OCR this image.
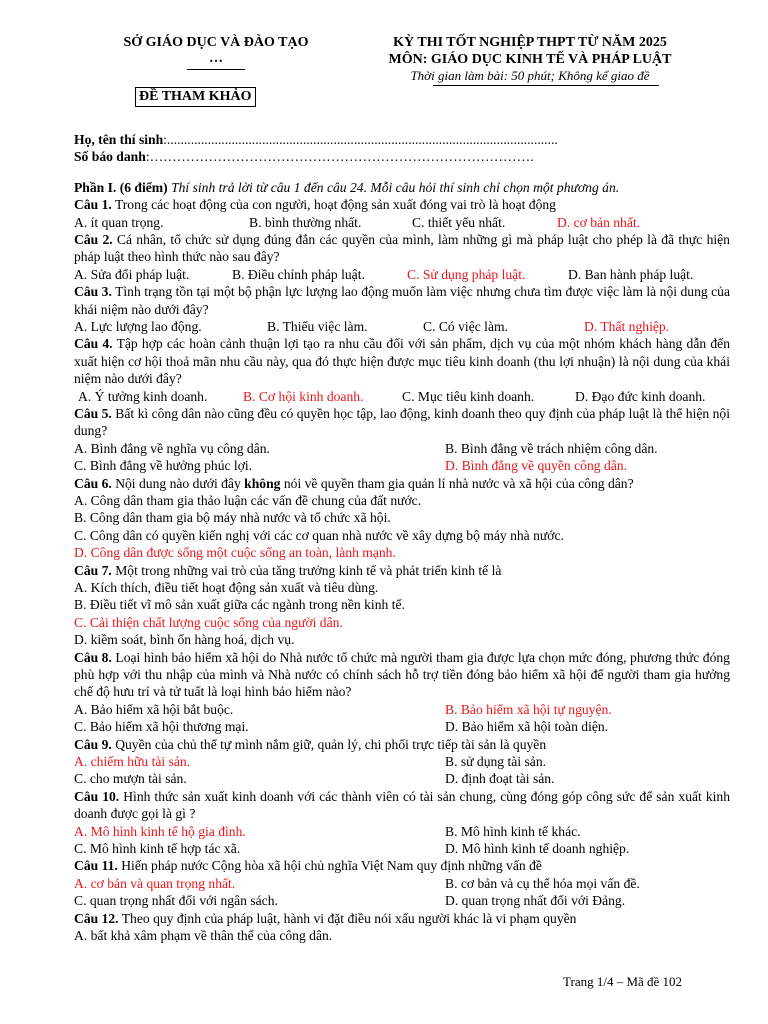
SỞ GIÁO DỤC VÀ ĐÀO TẠO
…
ĐỀ THAM KHẢO
KỲ THI TỐT NGHIỆP THPT TỪ NĂM 2025
MÔN: GIÁO DỤC KINH TẾ VÀ PHÁP LUẬT
Thời gian làm bài: 50 phút; Không kể giao đề

Họ, tên thí sinh:...................................................................................................................

Số báo danh:………………………………………………………………………….

Phần I. (6 điểm) Thí sinh trả lời từ câu 1 đến câu 24. Mỗi câu hỏi thí sinh chỉ chọn một phương án.

Câu 1. Trong các hoạt động của con người, hoạt động sản xuất đóng vai trò là hoạt động

A. ít quan trọng.	B. bình thường nhất.	C. thiết yếu nhất.	D. cơ bản nhất.

Câu 2. Cá nhân, tổ chức sử dụng đúng đắn các quyền của mình, làm những gì mà pháp luật cho phép là đã thực hiện pháp luật theo hình thức nào sau đây?

A. Sửa đổi pháp luật.	B. Điều chỉnh pháp luật.	C. Sử dụng pháp luật.	D. Ban hành pháp luật.

Câu 3. Tình trạng tồn tại một bộ phận lực lượng lao động muốn làm việc nhưng chưa tìm được việc làm là nội dung của khái niệm nào dưới đây?

A. Lực lượng lao động.	B. Thiếu việc làm.	C. Có việc làm.	D. Thất nghiệp.

Câu 4. Tập hợp các hoàn cảnh thuận lợi tạo ra nhu cầu đối với sản phẩm, dịch vụ của một nhóm khách hàng dẫn đến xuất hiện cơ hội thoả mãn nhu cầu này, qua đó thực hiện được mục tiêu kinh doanh (thu lợi nhuận) là nội dung của khái niệm nào dưới đây?

A. Ý tưởng kinh doanh.	B. Cơ hội kinh doanh.	C. Mục tiêu kinh doanh.	D. Đạo đức kinh doanh.

Câu 5. Bất kì công dân nào cũng đều có quyền học tập, lao động, kinh doanh theo quy định của pháp luật là thể hiện nội dung?

A. Bình đẳng về nghĩa vụ công dân.	B. Bình đẳng về trách nhiệm công dân.
C. Bình đẳng về hưởng phúc lợi.	D. Bình đẳng về quyền công dân.

Câu 6. Nội dung nào dưới đây không nói về quyền tham gia quản lí nhà nước và xã hội của công dân?

A. Công dân tham gia thảo luận các vấn đề chung của đất nước.
B. Công dân tham gia bộ máy nhà nước và tổ chức xã hội.
C. Công dân có quyền kiến nghị với các cơ quan nhà nước về xây dựng bộ máy nhà nước.
D. Công dân được sống một cuộc sống an toàn, lành mạnh.

Câu 7. Một trong những vai trò của tăng trưởng kinh tế và phát triển kinh tế là

A. Kích thích, điều tiết hoạt động sản xuất và tiêu dùng.
B. Điều tiết vĩ mô sản xuất giữa các ngành trong nền kinh tế.
C. Cải thiện chất lượng cuộc sống của người dân.
D. kiềm soát, bình ổn hàng hoá, dịch vụ.

Câu 8. Loại hình bảo hiểm xã hội do Nhà nước tổ chức mà người tham gia được lựa chọn mức đóng, phương thức đóng phù hợp với thu nhập của mình và Nhà nước có chính sách hỗ trợ tiền đóng bảo hiểm xã hội để người tham gia hưởng chế độ hưu trí và tử tuất là loại hình bảo hiểm nào?

A. Bảo hiểm xã hội bắt buộc.	B. Bảo hiểm xã hội tự nguyện.
C. Bảo hiểm xã hội thương mại.	D. Bảo hiểm xã hội toàn diện.

Câu 9. Quyền của chủ thể tự mình nắm giữ, quản lý, chi phối trực tiếp tài sản là quyền

A. chiếm hữu tài sản.	B. sử dụng tài sản.
C. cho mượn tài sản.	D. định đoạt tài sản.

Câu 10. Hình thức sản xuất kinh doanh với các thành viên có tài sản chung, cùng đóng góp công sức để sản xuất kinh doanh được gọi là gì ?

A. Mô hình kinh tế hộ gia đình.	B. Mô hình kinh tế khác.
C. Mô hình kinh tế hợp tác xã.	D. Mô hình kinh tế doanh nghiệp.

Câu 11. Hiến pháp nước Cộng hòa xã hội chủ nghĩa Việt Nam quy định những vấn đề

A. cơ bản và quan trọng nhất.	B. cơ bản và cụ thể hóa mọi vấn đề.
C. quan trọng nhất đối với ngân sách.	D. quan trọng nhất đối với Đảng.

Câu 12. Theo quy định của pháp luật, hành vi đặt điều nói xấu người khác là vi phạm quyền

A. bất khả xâm phạm về thân thể của công dân.
Trang 1/4 – Mã đề 102
